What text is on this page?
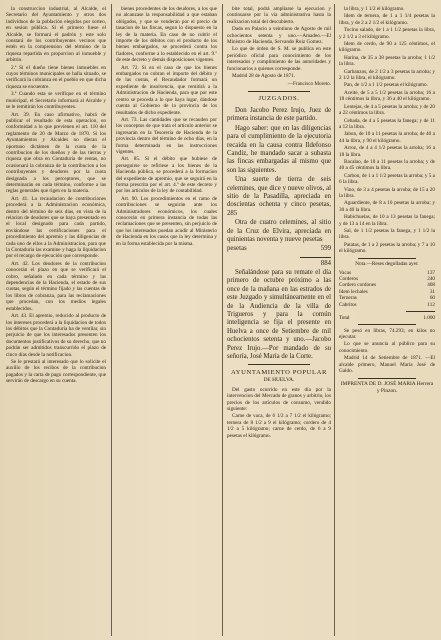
la construccion industrial, al Alcalde, el Secretario del Ayuntamiento y otros dos individuos de la población elegidos por sorteo, en sesion pública. Si el primero fuese el Alcalde, se formará el padrón y este solo constará de los contribuyentes vecinos que estén en la comprension del término de la riqueza repartida en proporcion al inmueble y arbitrio.

2.ª Si el dueño tiene bienes inmuebles en cuyos términos municipales se halla situado, se verificará la cobranza en el pueblo en que dicha riqueza se encuentre.

3.ª Cuando esta se verifique en el término municipal, el Secretario informará al Alcalde y se le remitirán los contribuyentes.

Art. 39. En caso afirmativo, habrá de publicar el resultado de esta operacion, en conformidad a lo que previenen el art. 110 del reglamento de 20 de Marzo de 1870. Si los Ayuntamientos y Alcaldes no dieran el oportuno dictámen de la cuota de la contribucion de los dueños y de las tierras y riqueza que obra en Contaduría de rentas, no ocasionará la cobranza de la contribucion a los contribuyentes y deudores por la cuota designada a los perceptores, que se determinarán en cada término, conforme a las reglas generales que rigen en la materia.

Art. 41. La recaudacion de contribuciones procederá a la Administracion económica, dentro del término de seis días, en vista de la relacion de deudores que se haya presentado en el local designado para cada partido, enviándose las certificaciones para el procedimiento del apremio y las diligencias de cada uno de ellos a la Administracion, para que la Contaduría las examine y haga la liquidacion por el recargo de ejecución que corresponde.

Art. 42. Los deudores de la contribucion conocerán el plazo en que se verificará el cobro, señalado en cada término y las dependencias de la Hacienda, el estado de sus cuotas, según el término fijado y las cuentas de los libros de cobranza, para las reclamaciones que procedan, con los medios legales establecidos.

Art. 43. El apremio, reducido al producto de los intereses procederá a la liquidacion de todos los débitos que la Contaduría ha de ventilar, sin perjuicio de que los interesados presenten los documentos justificativos de su derecho, que no podrán ser admitidos transcurrido el plazo de cinco días desde la notificacion.

Se le prestará al interesado que lo solicite el auxilio de los recibos de la contribucion pagados y la carta de pago correspondiente, que servirán de descargo en su cuenta.

bienes procedentes de los deudores, a los que no alcanzase la responsabilidad a que estaban obligados, y que se venderán por el precio de tasacion de las fincas, segun lo dispuesto en la ley de la materia. En caso de no cubrir el importe de los débitos con el producto de los bienes embargados, se procederá contra los fiadores, conforme a lo establecido en el art. 9.º de este decreto y demás disposiciones vigentes.

Art. 72. Si en el caso de que los bienes embargados no cubran el importe del débito y de las costas, el Recaudador formará un expediente de insolvencia, que remitirá a la Administracion de Hacienda, para que por este centro se proceda a lo que haya lugar, dándose cuenta al Gobierno de la provincia de los resultados de dicho expediente.

Art. 73. Las cantidades que se recauden por los conceptos de que trata el artículo anterior se ingresarán en la Tesorería de Hacienda de la provincia dentro del término de ocho días, en la forma determinada en las instrucciones vigentes.

Art. 85. Si el débito que hubiese de perseguirse se refiriese a los bienes de la Hacienda pública, se procederá a la formacion del expediente de apremio, que se seguirá en la forma prescrita por el art. 4.º de este decreto y por los artículos de la ley de contabilidad.

Art. 90. Los procedimientos en el ramo de contribuciones se seguirán ante los Administradores económicos, los cuales conocerán en primera instancia de todas las reclamaciones que se presenten, sin perjuicio de que los interesados puedan acudir al Ministerio de Hacienda en los casos que la ley determina y en la forma establecida por la misma.

bite total, podrá ampliarse la ejecucion y continuarse por la vía administrativa hasta la realizacion total del descubierto.

Dado en Palacio a veintiuno de Agosto de mil ochocientos setenta y uno.—Amadeo.—El Ministro de Hacienda, Servando Ruiz Gomez.

Lo que de órden de S. M. se publica en este periódico oficial para conocimiento de los interesados y cumplimiento de las autoridades y funcionarios a quienes corresponde.

Madrid 28 de Agosto de 1871.

—Francisco Moreto.
JUZGADOS.

Don Jacobo Perez Irujo, Juez de primera instancia de este partido.

Hago saber: que en las diligencias para el cumplimiento de la ejecutoria recaida en la causa contra Ildefonso Candiz, he mandado sacar a subasta las fincas embargadas al mismo que son las siguientes.

Una suerte de tierra de seis celemines, que dice y nueve olivos, al sitio de la Pasadilla, apreciada en doscientas ochenta y cinco pesetas, 285

Otra de cuatro celemines, al sitio de la Cruz de Elvira, apreciada en quinientas noventa y nueve pesetas

pesetas	599
884

Señalándose para su remate el día primero de octubre próximo a las once de la mañana en las estrados de este Juzgado y simultáneamente en el de la Audiencia de la villa de Trigueros y para la común inteligencia se fija el presente en Huelva a once de Setiembre de mil ochocientos setenta y uno.—Jacobo Perez Irujo.—Por mandado de su señoría, José María de la Corte.

AYUNTAMIENTO POPULAR
DE HUELVA.

Del gasto ocurrido en este día por la intervencion del Mercado de granos y arbitrio, los precios de los artículos de consumo, vendido siguiente:

Carne de vaca, de 6 1/2 a 7 1/2 el kilógramo; ternera de 8 1/2 a 9 el kilógramo; cordero de 4 1/2 a 5 kilógramo; carne de cerdo, de 6 a 9 pesetas el kilógramo.

la libra, y 1 1/2 el kilógramo.

Idem de ternera, de 1 a 1 1/4 pesetas la libra, y de 2 a 2 1/2 el kilógramo.

Tocino salado, de 1 a 1 1/2 pesetas la libra, y 2 1/2 a 3 el kilógramo.

Idem de cerdo, de 90 a 125 céntimos, el kilógramo.

Harina, de 35 a 38 pesetas la arroba; 1 1/2 la libra.

Garbanzos, de 2 1/2 a 3 pesetas la arroba; y 2 1/2 la libra, el kilógramo.

Pan, de 1/2 a 1 1/2 pesetas el kilógramo.

Aceite, de 5 a 5 1/2 pesetas la arroba; 16 a 18 céntimos la libra, y 36 a 40 el kilógramo.

Lentejas, de 4 a 5 pesetas la arroba; y de 20 a 22 céntimos la libra.

Cebada, de 4 a 5 pesetas la fanega; y de 11 a 12 la libra.

Jabon, de 10 a 11 pesetas la arroba; de 40 a 44 la libra, y 90 el kilógramo.

Arroz, de 4 a 4 1/2 pesetas la arroba; 16 a 18 la libra.

Bacalao, de 10 a 11 pesetas la arroba; y de 40 a 45 céntimos la libra.

Carbon, de 1 a 1 1/2 pesetas la arroba; y 5 a 6 la libra.

Vino, de 3 a 4 pesetas la arroba; de 15 a 20 la libra.

Aguardiente, de 8 a 10 pesetas la arroba; y 30 a 40 la libra.

Habichuelas, de 10 a 13 pesetas la fanega; y de 13 a 14 en la libra.

Sal, de 1 1/2 pesetas la fanega, y 1 1/2 la libra.

Patatas, de 1 a 2 pesetas la arroba; y 7 a 10 el kilógramo.

Nota.—Reses degolladas ayer.
Vacas	137
Corderos	240
Cordero cordones	408
Idem lechales	31
Terneras	60
Cabritos	112
Total	1.000

Se pesó en libras, 74.293; en kilos no ejecutar.

Lo que se anuncia al público para su conocimiento.

Madrid 14 de Setiembre de 1871. —El alcalde primero, Manuel María José de Galdo.

IMPRENTA DE D. JOSÉ MARIA Herrera y Pinzon.
